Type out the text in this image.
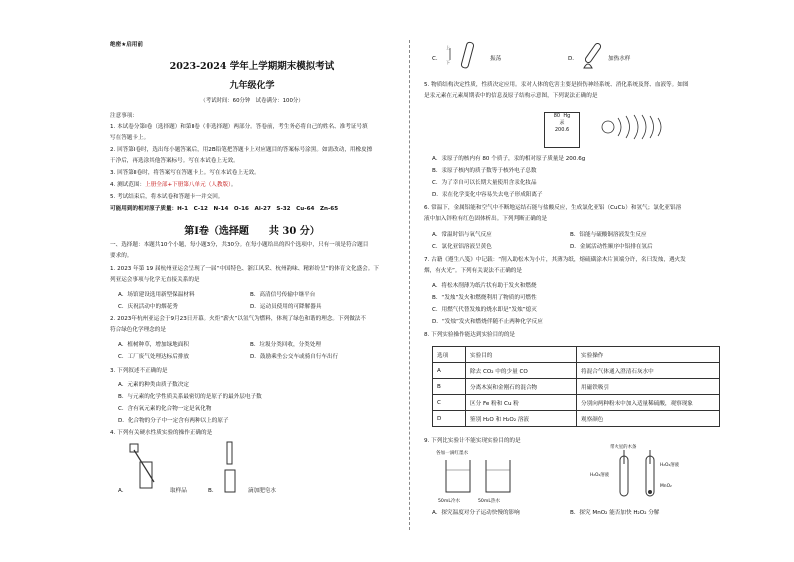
绝密★启用前
2023-2024 学年上学期期末模拟考试
九年级化学
（考试时间：60分钟　试卷满分：100分）
注意事项：
1. 本试卷分第Ⅰ卷（选择题）和第Ⅱ卷（非选择题）两部分。答卷前，考生务必将自己的姓名、准考证号填
写在答题卡上。
2. 回答第Ⅰ卷时，选出每小题答案后，用2B铅笔把答题卡上对应题目的答案标号涂黑。如需改动，用橡皮擦
干净后，再选涂其他答案标号。写在本试卷上无效。
3. 回答第Ⅱ卷时，将答案写在答题卡上。写在本试卷上无效。
4. 测试范围：上册全部+下册第八单元（人教版）。
5. 考试结束后，将本试卷和答题卡一并交回。
可能用到的相对原子质量：H-1　C-12　N-14　O-16　Al-27　S-32　Cu-64　Zn-65
第Ⅰ卷（选择题　　共 30 分）
一、选择题：本题共10个小题，每小题3分，共30分。在每小题给出的四个选项中，只有一项是符合题目
要求的。
1. 2023 年第 19 届杭州亚运会呈现了一届“中国特色、浙江风采、杭州韵味、精彩纷呈”的体育文化盛会。下
列亚运会事项与化学无直接关系的是
A．场馆建设选用新型保温材料	B．高清信号传输中继平台
C．庆祝活动中的烟花秀	D．运动员使用的可降解器具
2. 2023年杭州亚运会于9月23日开幕。火炬“薪火”以氢气为燃料，体现了绿色和谐的理念。下列做法不
符合绿色化学理念的是
A．植树种草，增加绿地面积	B．垃圾分类回收，分类处理
C．工厂废气处理达标后排放	D．鼓励乘坐公交车或骑自行车出行
3. 下列叙述不正确的是
A．元素的种类由质子数决定
B．与元素的化学性质关系最密切的是原子的最外层电子数
C．含有氧元素的化合物一定是氧化物
D．化合物的分子中一定含有两种以上的原子
4. 下列有关硬水性质实验的操作正确的是
A．	取样品	B．	滴加肥皂水
上
下
C．	振荡	D．	加热水样
5. 物质结构决定性质，性质决定应用。汞对人体的危害主要是损伤神经系统、消化系统及肾、血液等。如图
是汞元素在元素周期表中的信息及原子结构示意图，下列说法正确的是
80 Hg
汞
200.6
A．汞原子的核内有 80 个质子，汞的相对原子质量是 200.6g
B．汞原子核内的质子数等于核外电子总数
C．为了幸自可以长期大量使用含汞化妆品
D．汞在化学变化中容易失去电子形成阳离子
6. 常温下，金属铝能和空气中不断地运结石能与盐酸反应，生成氯化亚铝（CuCl₂）和氢气；氯化亚铝溶
液中加入锌粒有红色固体析出。下列判断正确的是
A．常温时铝与氧气反应	B．铝能与硫酸铜溶液发生反应
C．氯化亚铝溶液呈黄色	D．金属活动性顺序中铝排在氢后
7. 古籍《遵生八笺》中记载：“削入助松木为小片，其薄为纸，熔硫磺涂木片顶端分许，名曰发烛，遇火发
烟，有火光”。下列有关说法不正确的是
A．将松木削薄为纸片状有助于发火和燃烧
B．“发烛”发火和燃烧利用了物质的可燃性
C．用燃气代替发烛的烧水即是“发烛”熄灭
D．“发烛”发火和燃烧伴随不止两种化学反应
8. 下列实验操作能达到实验目的的是
选项	实验目的	实验操作
A	除去 CO₂ 中的少量 CO	将混合气体通入澄清石灰水中
B	分离木炭和金刚石的混合物	用磁铁吸引
C	区分 Fe 粉和 Cu 粉	分别向两种粉末中加入适量稀硫酸，观察现象
D	鉴别 H₂O 和 H₂O₂ 溶液	观察颜色
9. 下列比实验计不能实现实验目的的是
各加一滴红墨水
50mL冷水	50mL热水
带火星的木条
H₂O₂溶液
H₂O₂溶液
MnO₂
A．探究温度对分子运动快慢的影响	B．探究 MnO₂ 能否加快 H₂O₂ 分解
